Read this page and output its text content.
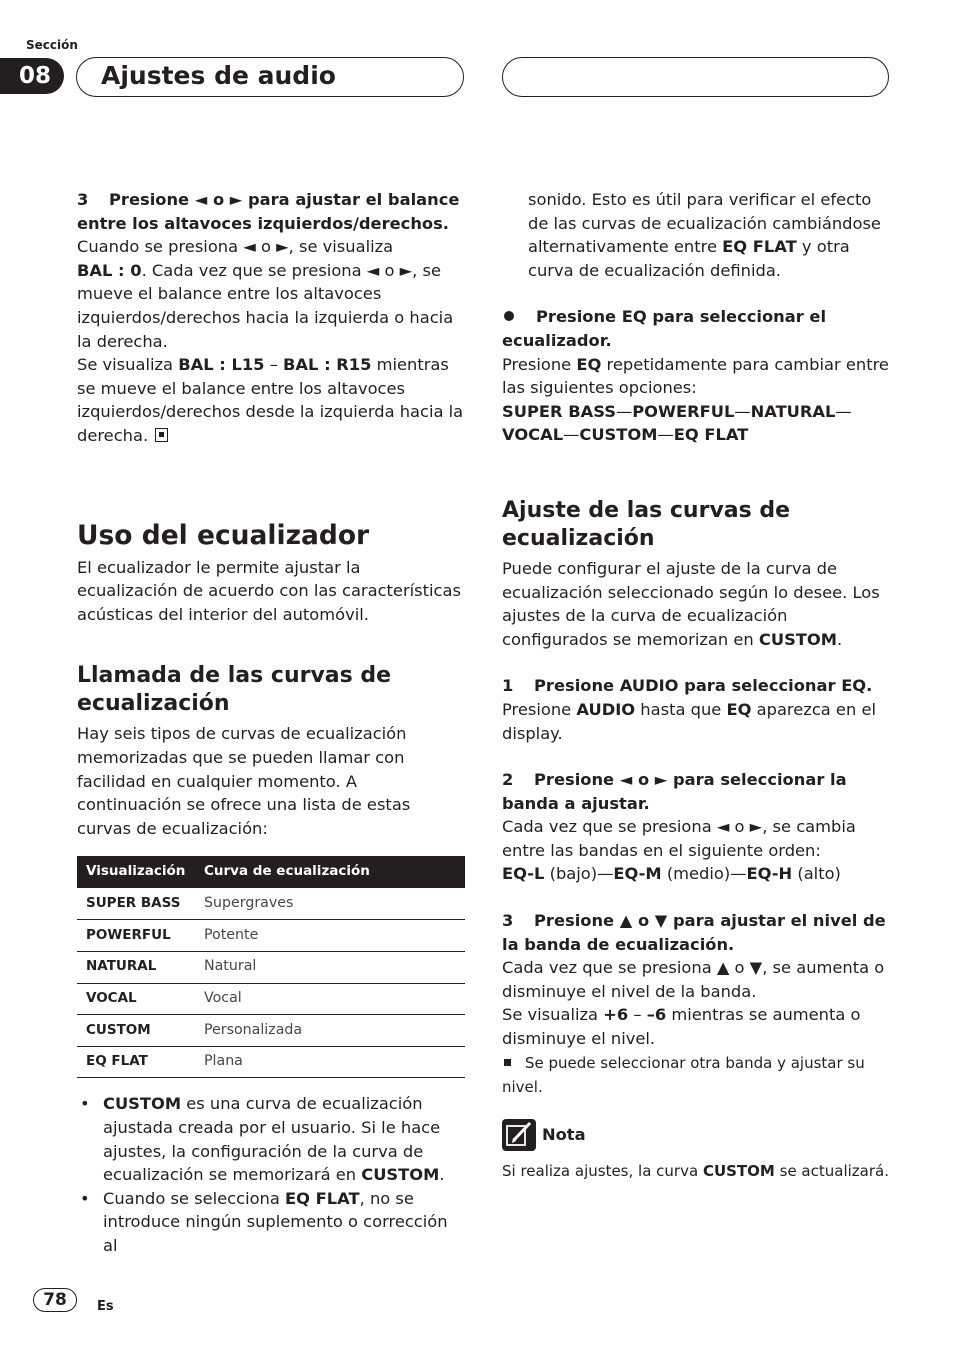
Sección
08	Ajustes de audio

3 Presione ◄ o ► para ajustar el balance entre los altavoces izquierdos/derechos.

Cuando se presiona ◄ o ►, se visualiza
BAL : 0. Cada vez que se presiona ◄ o ►, se mueve el balance entre los altavoces izquierdos/derechos hacia la izquierda o hacia la derecha.

Se visualiza BAL : L15 – BAL : R15 mientras se mueve el balance entre los altavoces izquierdos/derechos desde la izquierda hacia la derecha.

Uso del ecualizador

El ecualizador le permite ajustar la ecualización de acuerdo con las características acústicas del interior del automóvil.

Llamada de las curvas de ecualización

Hay seis tipos de curvas de ecualización memorizadas que se pueden llamar con facilidad en cualquier momento. A continuación se ofrece una lista de estas curvas de ecualización:

Visualización	Curva de ecualización
SUPER BASS	Supergraves
POWERFUL	Potente
NATURAL	Natural
VOCAL	Vocal
CUSTOM	Personalizada
EQ FLAT	Plana
• CUSTOM es una curva de ecualización ajustada creada por el usuario. Si le hace ajustes, la configuración de la curva de ecualización se memorizará en CUSTOM.
• Cuando se selecciona EQ FLAT, no se introduce ningún suplemento o corrección al

sonido. Esto es útil para verificar el efecto de las curvas de ecualización cambiándose alternativamente entre EQ FLAT y otra curva de ecualización definida.

Presione EQ para seleccionar el ecualizador.

Presione EQ repetidamente para cambiar entre las siguientes opciones:

SUPER BASS—POWERFUL—NATURAL—
VOCAL—CUSTOM—EQ FLAT

Ajuste de las curvas de ecualización

Puede configurar el ajuste de la curva de ecualización seleccionado según lo desee. Los ajustes de la curva de ecualización configurados se memorizan en CUSTOM.

1 Presione AUDIO para seleccionar EQ.

Presione AUDIO hasta que EQ aparezca en el display.

2 Presione ◄ o ► para seleccionar la banda a ajustar.

Cada vez que se presiona ◄ o ►, se cambia entre las bandas en el siguiente orden:
EQ-L (bajo)—EQ-M (medio)—EQ-H (alto)

3 Presione ▲ o ▼ para ajustar el nivel de la banda de ecualización.

Cada vez que se presiona ▲ o ▼, se aumenta o disminuye el nivel de la banda.

Se visualiza +6 – –6 mientras se aumenta o disminuye el nivel.

Se puede seleccionar otra banda y ajustar su nivel.

Nota

Si realiza ajustes, la curva CUSTOM se actualizará.

78	Es
